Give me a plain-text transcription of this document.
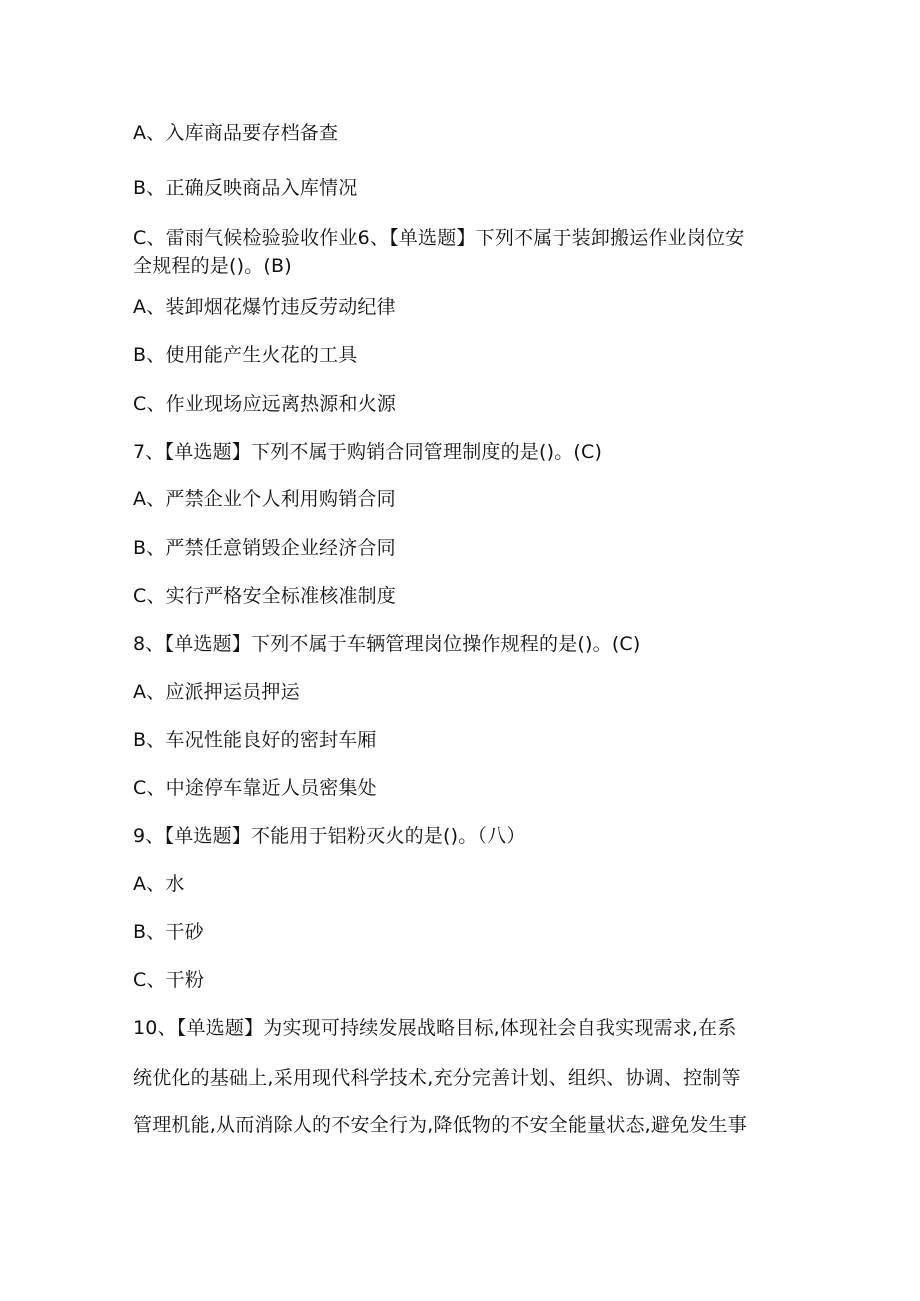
A、入库商品要存档备查
B、正确反映商品入库情况
C、雷雨气候检验验收作业6、【单选题】下列不属于装卸搬运作业岗位安
全规程的是()。(B)
A、装卸烟花爆竹违反劳动纪律
B、使用能产生火花的工具
C、作业现场应远离热源和火源
7、【单选题】下列不属于购销合同管理制度的是()。(C)
A、严禁企业个人利用购销合同
B、严禁任意销毁企业经济合同
C、实行严格安全标准核准制度
8、【单选题】下列不属于车辆管理岗位操作规程的是()。(C)
A、应派押运员押运
B、车况性能良好的密封车厢
C、中途停车靠近人员密集处
9、【单选题】不能用于铝粉灭火的是()。（八）
A、水
B、干砂
C、干粉
10、【单选题】为实现可持续发展战略目标,体现社会自我实现需求,在系
统优化的基础上,采用现代科学技术,充分完善计划、组织、协调、控制等
管理机能,从而消除人的不安全行为,降低物的不安全能量状态,避免发生事
